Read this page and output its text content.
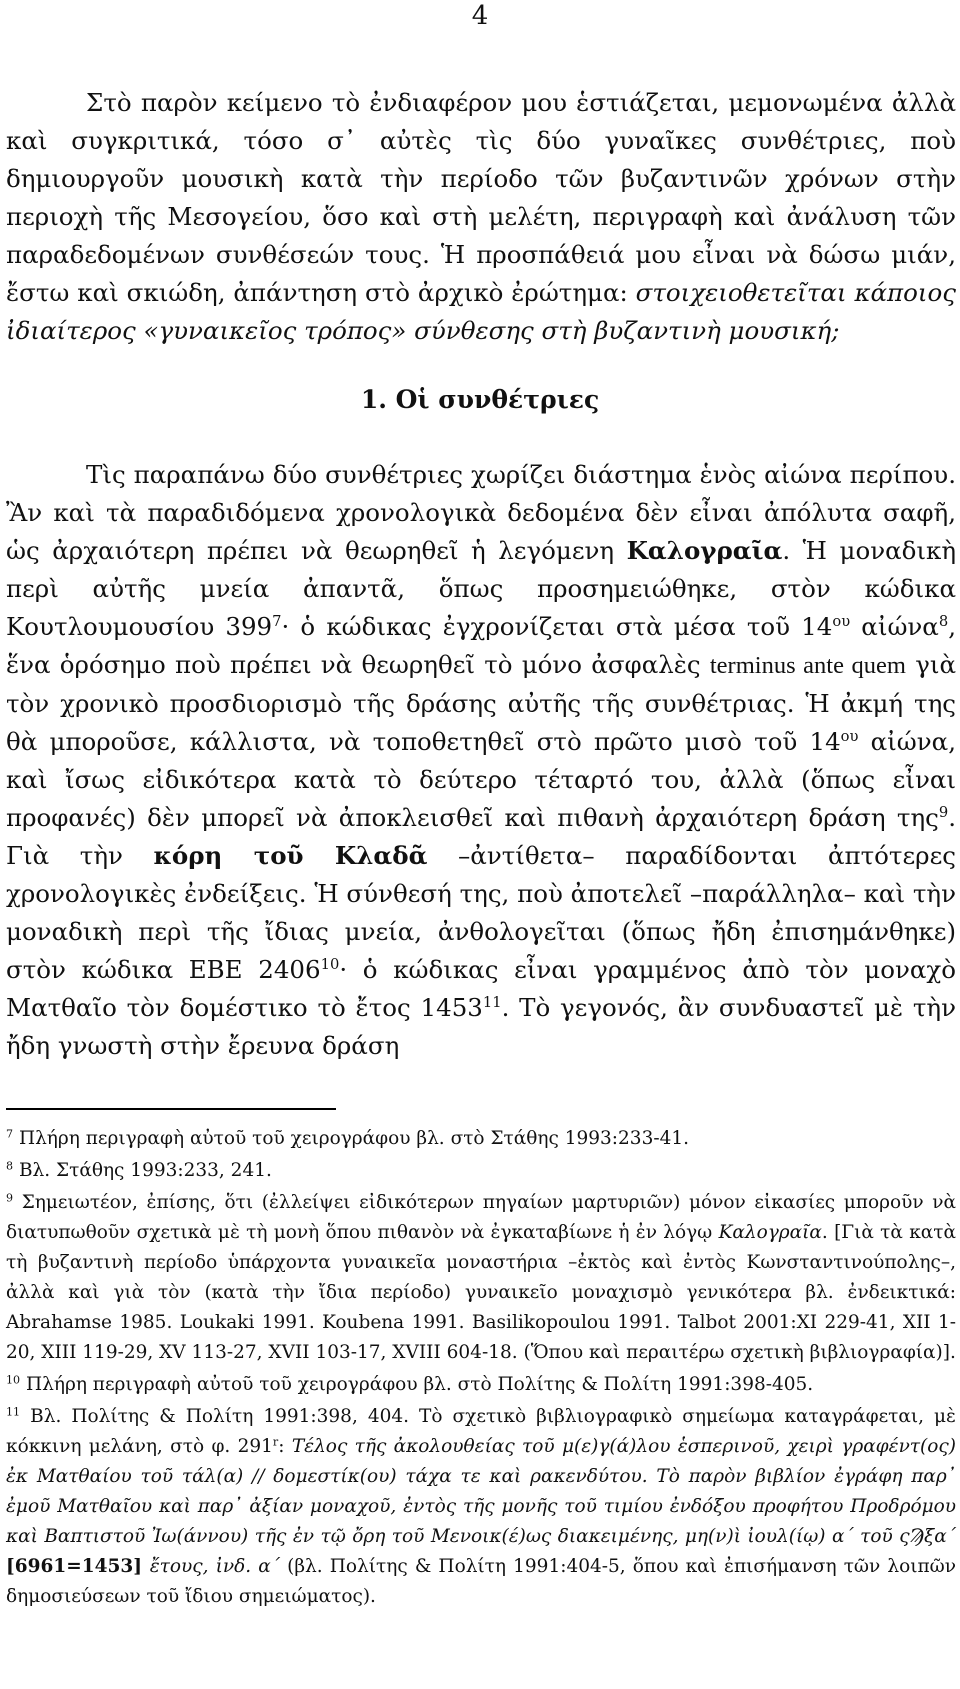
4

Στὸ παρὸν κείμενο τὸ ἐνδιαφέρον μου ἑστιάζεται, μεμονωμένα ἀλλὰ καὶ συγκριτικά, τόσο σ᾽ αὐτὲς τὶς δύο γυναῖκες συνθέτριες, ποὺ δημιουργοῦν μουσικὴ κατὰ τὴν περίοδο τῶν βυζαντινῶν χρόνων στὴν περιοχὴ τῆς Μεσογείου, ὅσο καὶ στὴ μελέτη, περιγραφὴ καὶ ἀνάλυση τῶν παραδεδομένων συνθέσεών τους. Ἡ προσπάθειά μου εἶναι νὰ δώσω μιάν, ἔστω καὶ σκιώδη, ἀπάντηση στὸ ἀρχικὸ ἐρώτημα: στοιχειοθετεῖται κάποιος ἰδιαίτερος «γυναικεῖος τρόπος» σύνθεσης στὴ βυζαντινὴ μουσική;

1. Οἱ συνθέτριες

Τὶς παραπάνω δύο συνθέτριες χωρίζει διάστημα ἑνὸς αἰώνα περίπου. Ἂν καὶ τὰ παραδιδόμενα χρονολογικὰ δεδομένα δὲν εἶναι ἀπόλυτα σαφῆ, ὡς ἀρχαιότερη πρέπει νὰ θεωρηθεῖ ἡ λεγόμενη Καλογραῖα. Ἡ μοναδικὴ περὶ αὐτῆς μνεία ἀπαντᾶ, ὅπως προσημειώθηκε, στὸν κώδικα Κουτλουμουσίου $399^7\cdot$ ὁ κώδικας ἐγχρονίζεται στὰ μέσα τοῦ $14^{o\upsilon}$ αἰώνα$^8$, ἕνα ὁρόσημο ποὺ πρέπει νὰ θεωρηθεῖ τὸ μόνο ἀσφαλὲς terminus ante quem γιὰ τὸν χρονικὸ προσδιορισμὸ τῆς δράσης αὐτῆς τῆς συνθέτριας. Ἡ ἀκμή της θὰ μποροῦσε, κάλλιστα, νὰ τοποθετηθεῖ στὸ πρῶτο μισὸ τοῦ $14^{o\upsilon}$ αἰώνα, καὶ ἴσως εἰδικότερα κατὰ τὸ δεύτερο τέταρτό του, ἀλλὰ (ὅπως εἶναι προφανές) δὲν μπορεῖ νὰ ἀποκλεισθεῖ καὶ πιθανὴ ἀρχαιότερη δράση της$^9$. Γιὰ τὴν κόρη τοῦ Κλαδᾶ –ἀντίθετα– παραδίδονται ἀπτότερες χρονολογικὲς ἐνδείξεις. Ἡ σύνθεσή της, ποὺ ἀποτελεῖ –παράλληλα– καὶ τὴν μοναδικὴ περὶ τῆς ἴδιας μνεία, ἀνθολογεῖται (ὅπως ἤδη ἐπισημάνθηκε) στὸν κώδικα ΕΒΕ $2406^{10}\cdot$ ὁ κώδικας εἶναι γραμμένος ἀπὸ τὸν μοναχὸ Ματθαῖο τὸν δομέστικο τὸ ἔτος 1453$^{11}$. Τὸ γεγονός, ἂν συνδυαστεῖ μὲ τὴν ἤδη γνωστὴ στὴν ἔρευνα δράση

$^7$ Πλήρη περιγραφὴ αὐτοῦ τοῦ χειρογράφου βλ. στὸ Στάθης 1993:233-41.

$^8$ Βλ. Στάθης 1993:233, 241.

$^9$ Σημειωτέον, ἐπίσης, ὅτι (ἐλλείψει εἰδικότερων πηγαίων μαρτυριῶν) μόνον εἰκασίες μποροῦν νὰ διατυπωθοῦν σχετικὰ μὲ τὴ μονὴ ὅπου πιθανὸν νὰ ἐγκαταβίωνε ἡ ἐν λόγῳ Καλογραῖα. [Γιὰ τὰ κατὰ τὴ βυζαντινὴ περίοδο ὑπάρχοντα γυναικεῖα μοναστήρια –ἐκτὸς καὶ ἐντὸς Κωνσταντινούπολης–, ἀλλὰ καὶ γιὰ τὸν (κατὰ τὴν ἴδια περίοδο) γυναικεῖο μοναχισμὸ γενικότερα βλ. ἐνδεικτικά: Abrahamse 1985. Loukaki 1991. Koubena 1991. Basilikopoulou 1991. Talbot 2001:XI 229-41, XII 1-20, XIII 119-29, XV 113-27, XVII 103-17, XVIII 604-18. (Ὅπου καὶ περαιτέρω σχετικὴ βιβλιογραφία)].

$^{10}$ Πλήρη περιγραφὴ αὐτοῦ τοῦ χειρογράφου βλ. στὸ Πολίτης & Πολίτη 1991:398-405.

$^{11}$ Βλ. Πολίτης & Πολίτη 1991:398, 404. Τὸ σχετικὸ βιβλιογραφικὸ σημείωμα καταγράφεται, μὲ κόκκινη μελάνη, στὸ φ. 291$^r$: Τέλος τῆς ἀκολουθείας τοῦ μ(ε)γ(ά)λου ἑσπερινοῦ, χειρὶ γραφέντ(ος) ἐκ Ματθαίου τοῦ τάλ(α) // δομεστίκ(ου) τάχα τε καὶ ρακενδύτου. Τὸ παρὸν βιβλίον ἐγράφη παρ᾽ ἐμοῦ Ματθαῖου καὶ παρ᾽ ἀξίαν μοναχοῦ, ἐντὸς τῆς μονῆς τοῦ τιμίου ἐνδόξου προφήτου Προδρόμου καὶ Βαπτιστοῦ Ἰω(άννου) τῆς ἐν τῷ ὄρη τοῦ Μενοικ(έ)ως διακειμένης, μη(ν)ὶ ἰουλ(ίῳ) α΄ τοῦ ςϠξα΄ [6961=1453] ἔτους, ἰνδ. α΄ (βλ. Πολίτης & Πολίτη 1991:404-5, ὅπου καὶ ἐπισήμανση τῶν λοιπῶν δημοσιεύσεων τοῦ ἴδιου σημειώματος).
